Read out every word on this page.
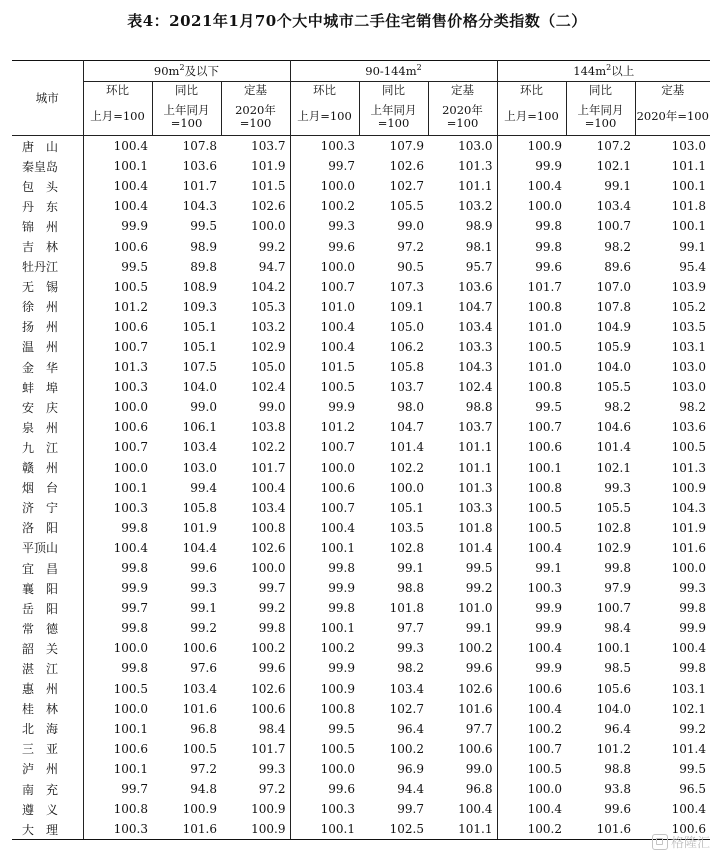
表4：2021年1月70个大中城市二手住宅销售价格分类指数（二）
城市	$90m^2$及以下			$90-144m^2$			$144m^2$以上		
	环比	同比	定基	环比	同比	定基	环比	同比	定基
	上月=100	上年同月=100	2020年=100	上月=100	上年同月=100	2020年=100	上月=100	上年同月=100	2020年=100
唐　山	100.4	107.8	103.7	100.3	107.9	103.0	100.9	107.2	103.0
秦皇岛	100.1	103.6	101.9	99.7	102.6	101.3	99.9	102.1	101.1
包　头	100.4	101.7	101.5	100.0	102.7	101.1	100.4	99.1	100.1
丹　东	100.4	104.3	102.6	100.2	105.5	103.2	100.0	103.4	101.8
锦　州	99.9	99.5	100.0	99.3	99.0	98.9	99.8	100.7	100.1
吉　林	100.6	98.9	99.2	99.6	97.2	98.1	99.8	98.2	99.1
牡丹江	99.5	89.8	94.7	100.0	90.5	95.7	99.6	89.6	95.4
无　锡	100.5	108.9	104.2	100.7	107.3	103.6	101.7	107.0	103.9
徐　州	101.2	109.3	105.3	101.0	109.1	104.7	100.8	107.8	105.2
扬　州	100.6	105.1	103.2	100.4	105.0	103.4	101.0	104.9	103.5
温　州	100.7	105.1	102.9	100.4	106.2	103.3	100.5	105.9	103.1
金　华	101.3	107.5	105.0	101.5	105.8	104.3	101.0	104.0	103.0
蚌　埠	100.3	104.0	102.4	100.5	103.7	102.4	100.8	105.5	103.0
安　庆	100.0	99.0	99.0	99.9	98.0	98.8	99.5	98.2	98.2
泉　州	100.6	106.1	103.8	101.2	104.7	103.7	100.7	104.6	103.6
九　江	100.7	103.4	102.2	100.7	101.4	101.1	100.6	101.4	100.5
赣　州	100.0	103.0	101.7	100.0	102.2	101.1	100.1	102.1	101.3
烟　台	100.1	99.4	100.4	100.6	100.0	101.3	100.8	99.3	100.9
济　宁	100.3	105.8	103.4	100.7	105.1	103.3	100.5	105.5	104.3
洛　阳	99.8	101.9	100.8	100.4	103.5	101.8	100.5	102.8	101.9
平顶山	100.4	104.4	102.6	100.1	102.8	101.4	100.4	102.9	101.6
宜　昌	99.8	99.6	100.0	99.8	99.1	99.5	99.1	99.8	100.0
襄　阳	99.9	99.3	99.7	99.9	98.8	99.2	100.3	97.9	99.3
岳　阳	99.7	99.1	99.2	99.8	101.8	101.0	99.9	100.7	99.8
常　德	99.8	99.2	99.8	100.1	97.7	99.1	99.9	98.4	99.9
韶　关	100.0	100.6	100.2	100.2	99.3	100.2	100.4	100.1	100.4
湛　江	99.8	97.6	99.6	99.9	98.2	99.6	99.9	98.5	99.8
惠　州	100.5	103.4	102.6	100.9	103.4	102.6	100.6	105.6	103.1
桂　林	100.0	101.6	100.6	100.8	102.7	101.6	100.4	104.0	102.1
北　海	100.1	96.8	98.4	99.5	96.4	97.7	100.2	96.4	99.2
三　亚	100.6	100.5	101.7	100.5	100.2	100.6	100.7	101.2	101.4
泸　州	100.1	97.2	99.3	100.0	96.9	99.0	100.5	98.8	99.5
南　充	99.7	94.8	97.2	99.6	94.4	96.8	100.0	93.8	96.5
遵　义	100.8	100.9	100.9	100.3	99.7	100.4	100.4	99.6	100.4
大　理	100.3	101.6	100.9	100.1	102.5	101.1	100.2	101.6	100.6
格隆汇
